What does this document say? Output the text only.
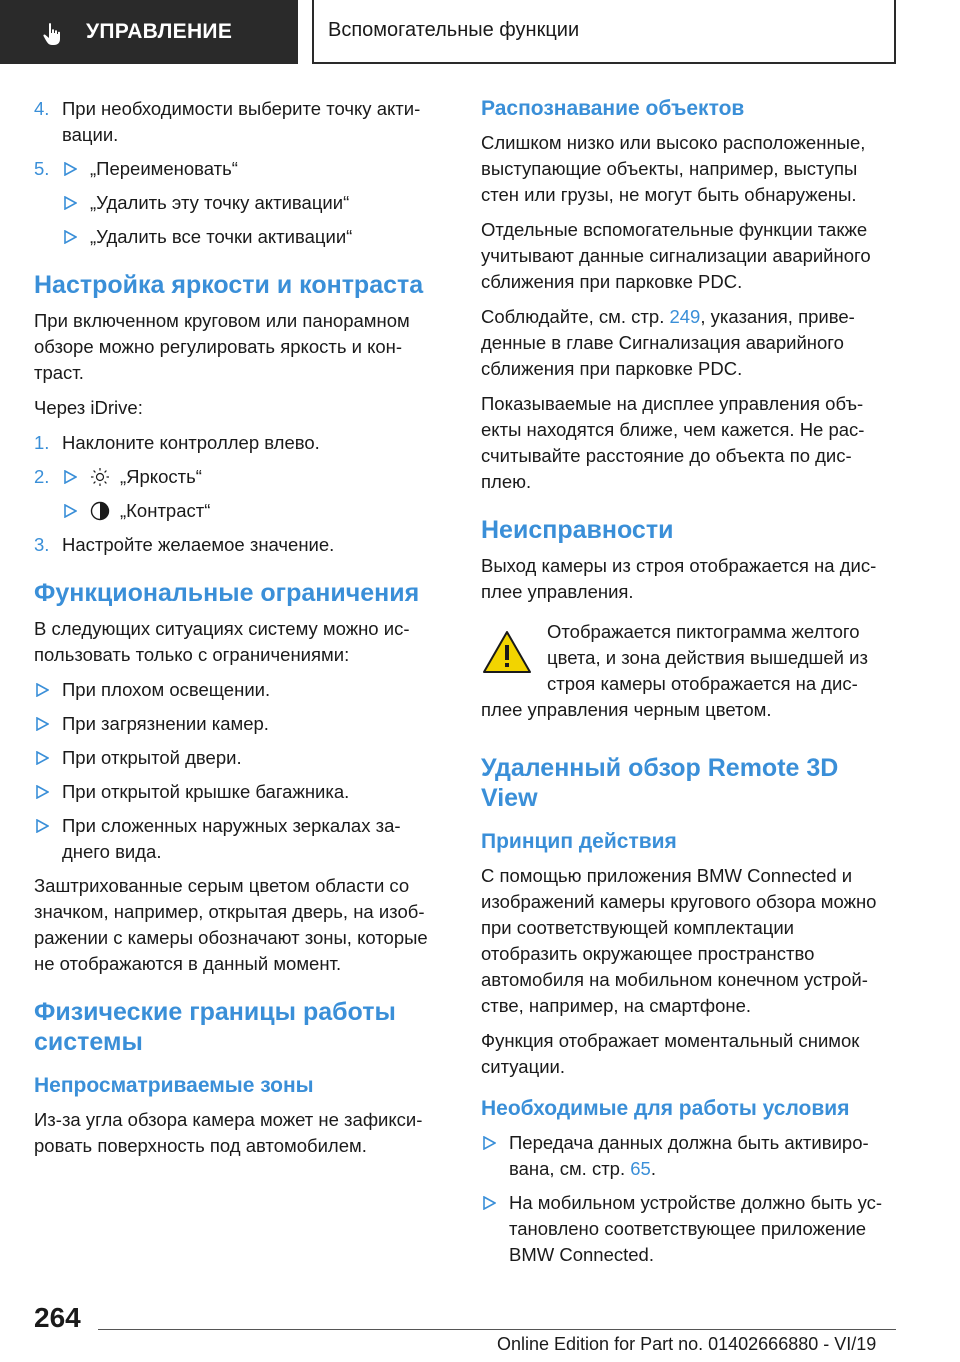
УПРАВЛЕНИЕ	Вспомогательные функции
4. При необходимости выберите точку акти-вации.
5. „Переименовать“
„Удалить эту точку активации“
„Удалить все точки активации“
Настройка яркости и контраста

При включенном круговом или панорамном обзоре можно регулировать яркость и кон-траст.

Через iDrive:

1. Наклоните контроллер влево.
2.	„Яркость“
„Контраст“
3. Настройте желаемое значение.
Функциональные ограничения

В следующих ситуациях систему можно ис-пользовать только с ограничениями:

При плохом освещении.
При загрязнении камер.
При открытой двери.
При открытой крышке багажника.
При сложенных наружных зеркалах за-днего вида.

Заштрихованные серым цветом области со значком, например, открытая дверь, на изоб-ражении с камеры обозначают зоны, которые не отображаются в данный момент.

Физические границы работы системы
Непросматриваемые зоны

Из-за угла обзора камера может не зафикси-ровать поверхность под автомобилем.

Распознавание объектов

Слишком низко или высоко расположенные, выступающие объекты, например, выступы стен или грузы, не могут быть обнаружены.

Отдельные вспомогательные функции также учитывают данные сигнализации аварийного сближения при парковке PDC.

Соблюдайте, см. стр. 249, указания, приве-денные в главе Сигнализация аварийного сближения при парковке PDC.

Показываемые на дисплее управления объ-екты находятся ближе, чем кажется. Не рас-считывайте расстояние до объекта по дис-плею.

Неисправности

Выход камеры из строя отображается на дис-плее управления.

Отображается пиктограмма желтого
цвета, и зона действия вышедшей из
строя камеры отображается на дис-
плее управления черным цветом.
Удаленный обзор Remote 3D View
Принцип действия

С помощью приложения BMW Connected и изображений камеры кругового обзора можно при соответствующей комплектации отобразить окружающее пространство автомобиля на мобильном конечном устрой-стве, например, на смартфоне.

Функция отображает моментальный снимок ситуации.

Необходимые для работы условия
Передача данных должна быть активиро-вана, см. стр. 65.
На мобильном устройстве должно быть ус-тановлено соответствующее приложение BMW Connected.
264
Online Edition for Part no. 01402666880 - VI/19
